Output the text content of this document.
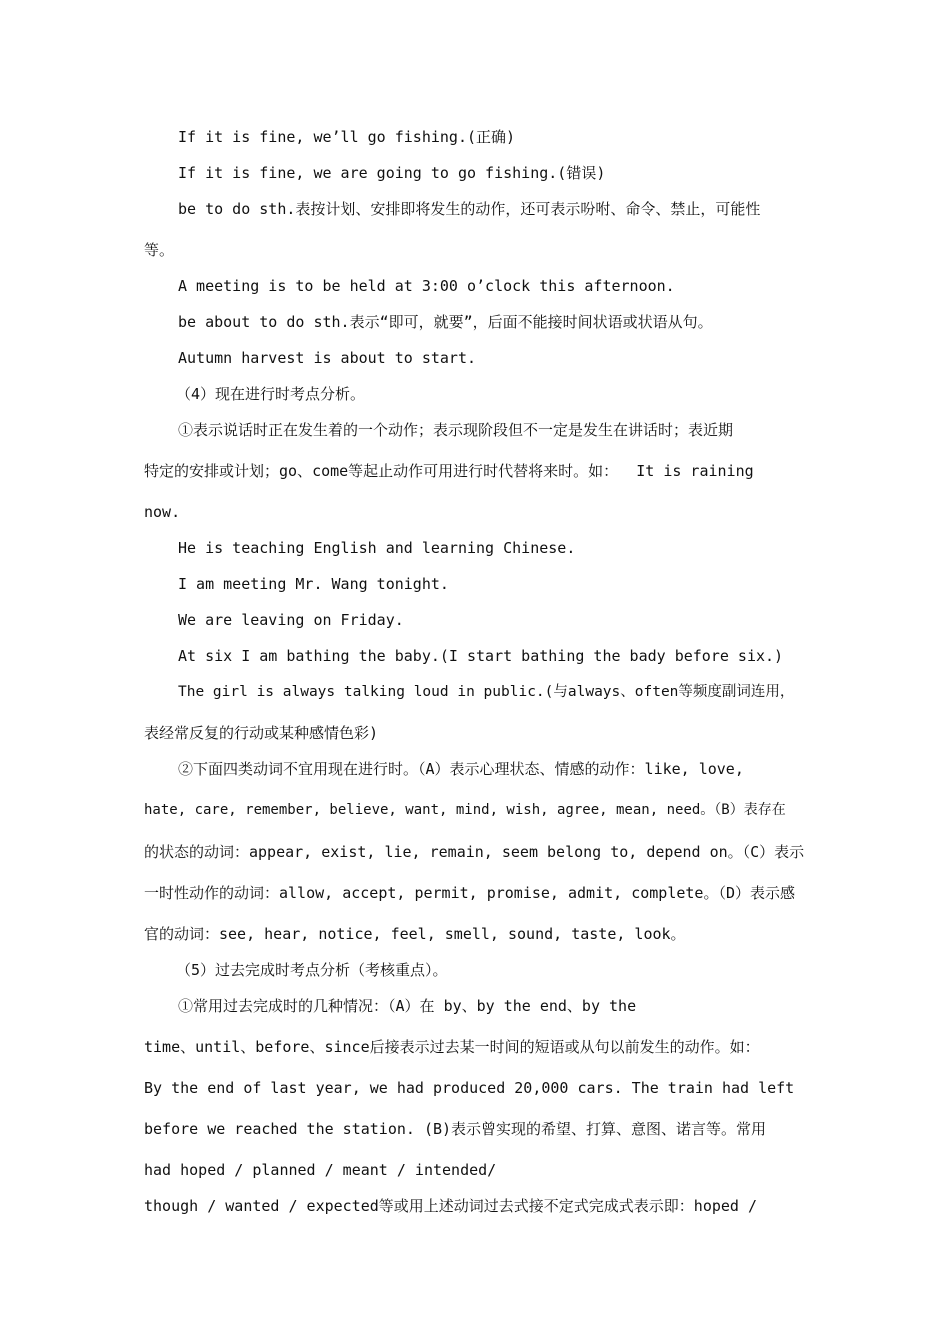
If it is fine, we’ll go fishing.(正确)
If it is fine, we are going to go fishing.(错误)
be to do sth.表按计划、安排即将发生的动作，还可表示吩咐、命令、禁止，可能性
等。
A meeting is to be held at 3:00 o’clock this afternoon.
be about to do sth.表示“即可，就要”，后面不能接时间状语或状语从句。
Autumn harvest is about to start.
（4）现在进行时考点分析。
①表示说话时正在发生着的一个动作；表示现阶段但不一定是发生在讲话时；表近期
特定的安排或计划；go、come等起止动作可用进行时代替将来时。如：  It is raining
now.
He is teaching English and learning Chinese.
I am meeting Mr. Wang tonight.
We are leaving on Friday.
At six I am bathing the baby.(I start bathing the bady before six.)
The girl is always talking loud in public.(与always、often等频度副词连用，
表经常反复的行动或某种感情色彩)
②下面四类动词不宜用现在进行时。（A）表示心理状态、情感的动作：like, love,
hate, care, remember, believe, want, mind, wish, agree, mean, need。（B）表存在
的状态的动词：appear, exist, lie, remain, seem belong to, depend on。（C）表示
一时性动作的动词：allow, accept, permit, promise, admit, complete。（D）表示感
官的动词：see, hear, notice, feel, smell, sound, taste, look。
（5）过去完成时考点分析（考核重点）。
①常用过去完成时的几种情况：（A）在 by、by the end、by the
time、until、before、since后接表示过去某一时间的短语或从句以前发生的动作。如：
By the end of last year, we had produced 20,000 cars. The train had left
before we reached the station. (B)表示曾实现的希望、打算、意图、诺言等。常用
had hoped / planned / meant / intended/
though / wanted / expected等或用上述动词过去式接不定式完成式表示即：hoped /
